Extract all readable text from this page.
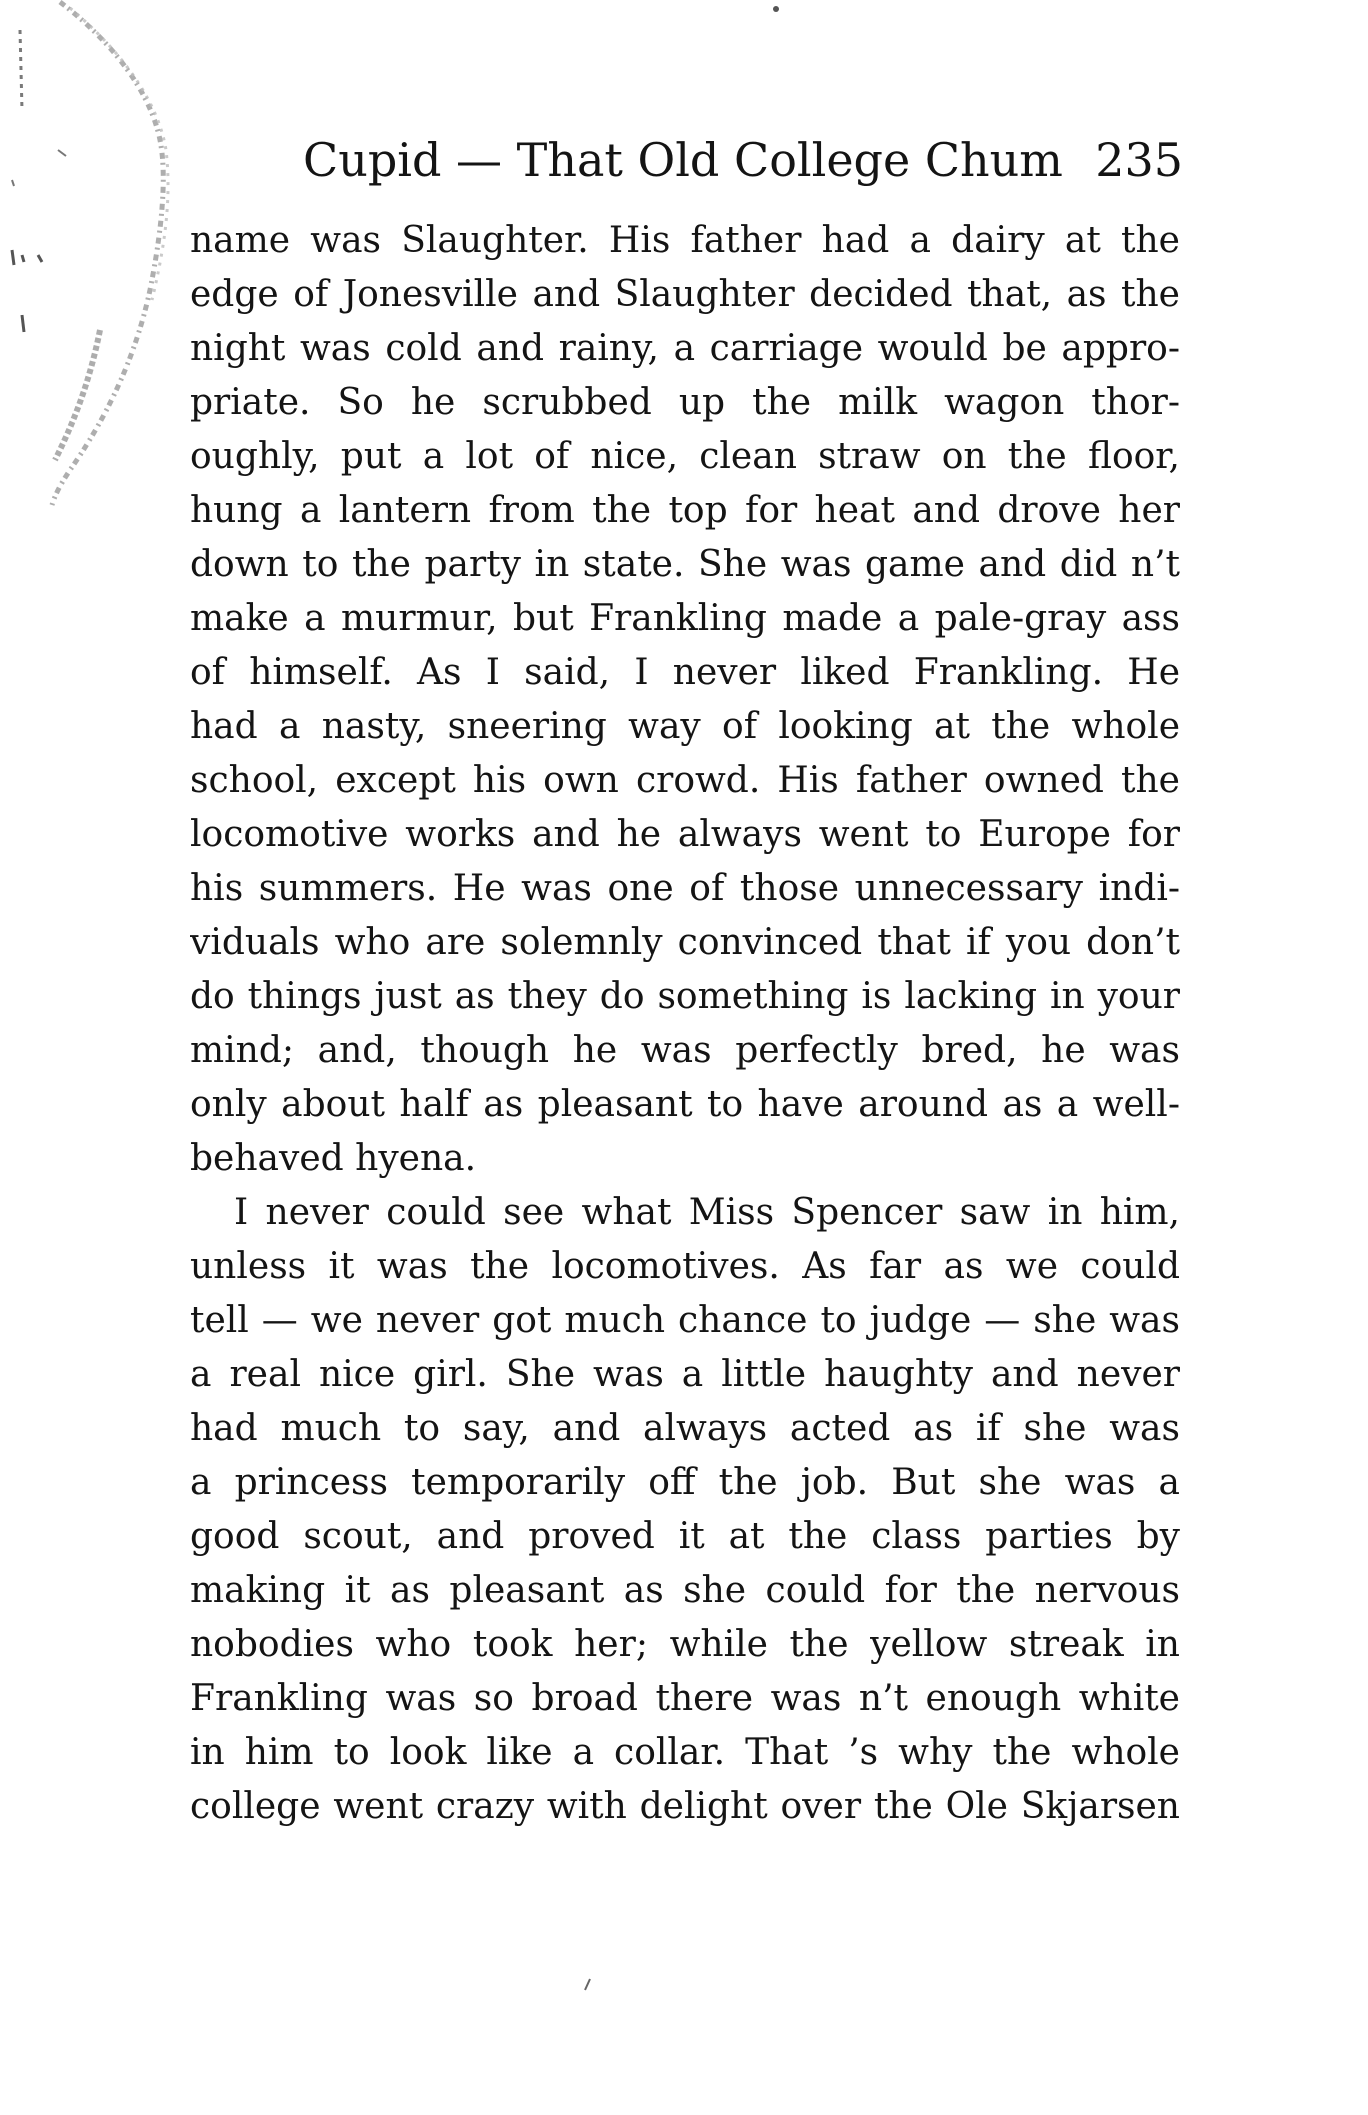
Cupid — That Old College Chum 235
name was Slaughter. His father had a dairy at the
edge of Jonesville and Slaughter decided that, as the
night was cold and rainy, a carriage would be appro-
priate. So he scrubbed up the milk wagon thor-
oughly, put a lot of nice, clean straw on the floor,
hung a lantern from the top for heat and drove her
down to the party in state. She was game and did n’t
make a murmur, but Frankling made a pale-gray ass
of himself. As I said, I never liked Frankling. He
had a nasty, sneering way of looking at the whole
school, except his own crowd. His father owned the
locomotive works and he always went to Europe for
his summers. He was one of those unnecessary indi-
viduals who are solemnly convinced that if you don’t
do things just as they do something is lacking in your
mind; and, though he was perfectly bred, he was
only about half as pleasant to have around as a well-
behaved hyena.
I never could see what Miss Spencer saw in him,
unless it was the locomotives. As far as we could
tell — we never got much chance to judge — she was
a real nice girl. She was a little haughty and never
had much to say, and always acted as if she was
a princess temporarily off the job. But she was a
good scout, and proved it at the class parties by
making it as pleasant as she could for the nervous
nobodies who took her; while the yellow streak in
Frankling was so broad there was n’t enough white
in him to look like a collar. That ’s why the whole
college went crazy with delight over the Ole Skjarsen
